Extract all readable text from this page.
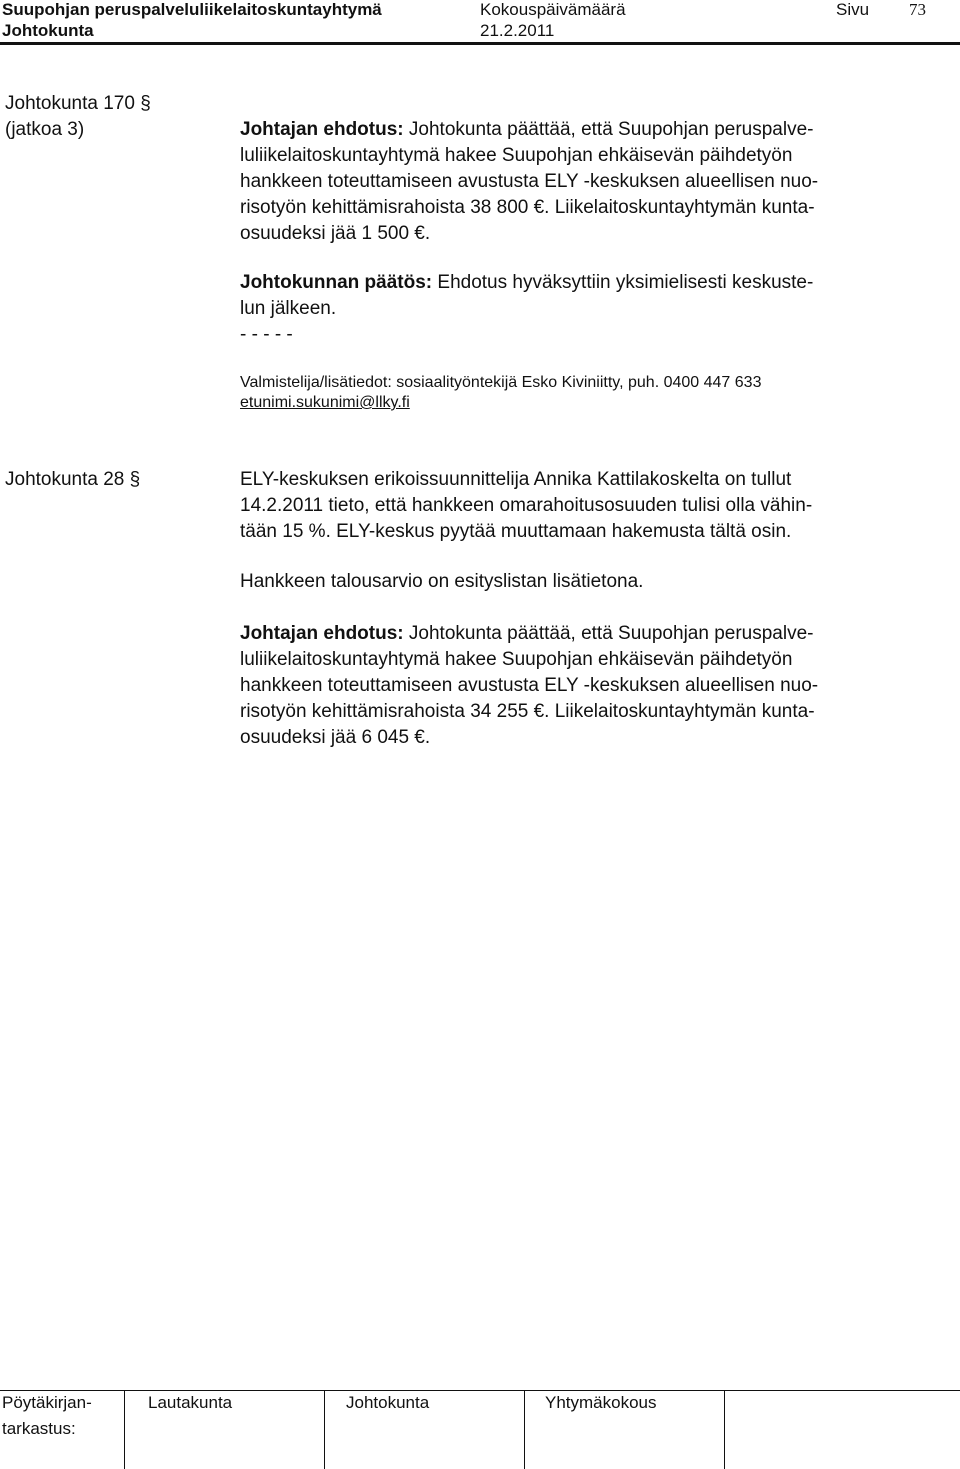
Suupohjan peruspalveluliikelaitoskuntayhtymä	Kokouspäivämäärä	Sivu 73
Johtokunta	21.2.2011
Johtokunta 170 §
(jatkoa 3)	Johtajan ehdotus: Johtokunta päättää, että Suupohjan peruspalve-
luliikelaitoskuntayhtymä hakee Suupohjan ehkäisevän päihdetyön
hankkeen toteuttamiseen avustusta ELY -keskuksen alueellisen nuo-
risotyön kehittämisrahoista 38 800 €. Liikelaitoskuntayhtymän kunta-
osuudeksi jää 1 500 €.
Johtokunnan päätös: Ehdotus hyväksyttiin yksimielisesti keskuste-
lun jälkeen.
- - - - -
Valmistelija/lisätiedot: sosiaalityöntekijä Esko Kiviniitty, puh. 0400 447 633
etunimi.sukunimi@llky.fi
Johtokunta 28 §	ELY-keskuksen erikoissuunnittelija Annika Kattilakoskelta on tullut
14.2.2011 tieto, että hankkeen omarahoitusosuuden tulisi olla vähin-
tään 15 %. ELY-keskus pyytää muuttamaan hakemusta tältä osin.
Hankkeen talousarvio on esityslistan lisätietona.
Johtajan ehdotus: Johtokunta päättää, että Suupohjan peruspalve-
luliikelaitoskuntayhtymä hakee Suupohjan ehkäisevän päihdetyön
hankkeen toteuttamiseen avustusta ELY -keskuksen alueellisen nuo-
risotyön kehittämisrahoista 34 255 €. Liikelaitoskuntayhtymän kunta-
osuudeksi jää 6 045 €.
Pöytäkirjan-
tarkastus:
Lautakunta	Johtokunta	Yhtymäkokous
